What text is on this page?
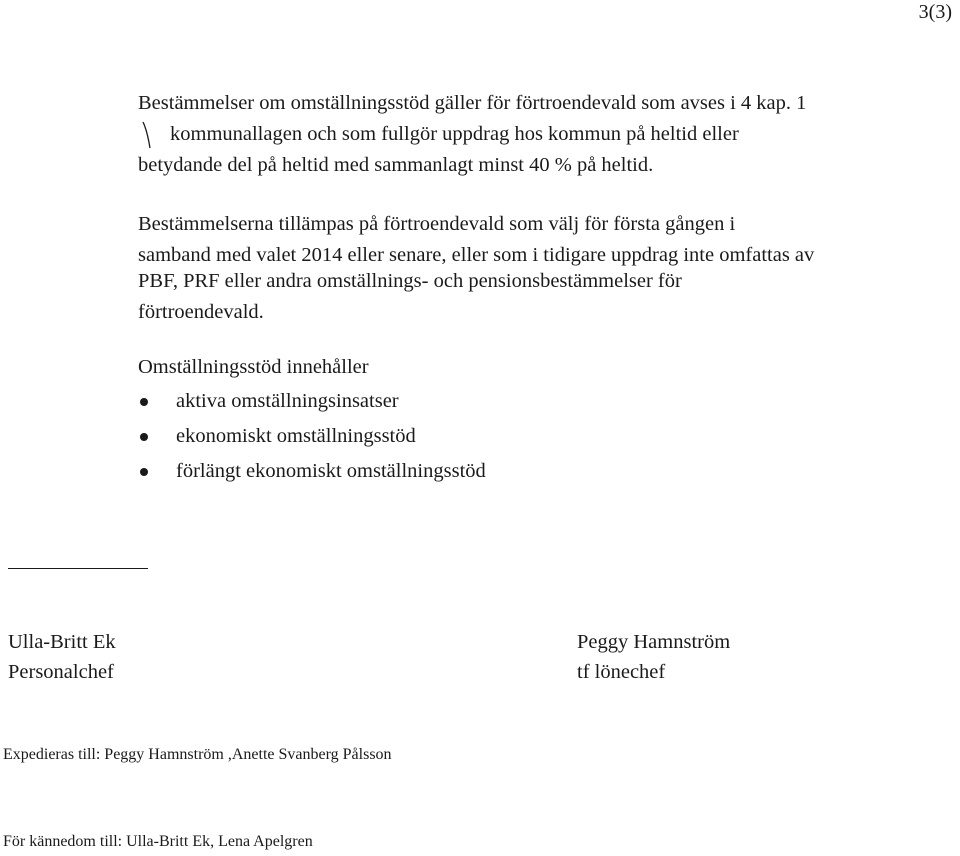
3(3)
Bestämmelser om omställningsstöd gäller för förtroendevald som avses i 4 kap. 1
kommunallagen och som fullgör uppdrag hos kommun på heltid eller
betydande del på heltid med sammanlagt minst 40 % på heltid.
Bestämmelserna tillämpas på förtroendevald som välj för första gången i
samband med valet 2014 eller senare, eller som i tidigare uppdrag inte omfattas av
PBF, PRF eller andra omställnings- och pensionsbestämmelser för
förtroendevald.
Omställningsstöd innehåller
aktiva omställningsinsatser
ekonomiskt omställningsstöd
förlängt ekonomiskt omställningsstöd
Ulla-Britt Ek
Personalchef
Peggy Hamnström
tf lönechef
Expedieras till: Peggy Hamnström ,Anette Svanberg Pålsson
För kännedom till: Ulla-Britt Ek, Lena Apelgren
